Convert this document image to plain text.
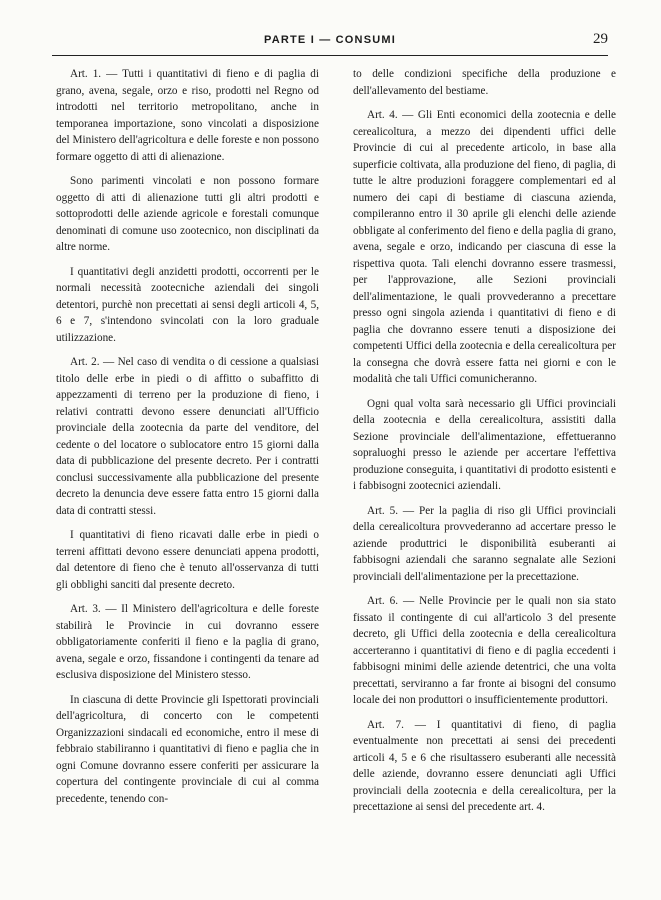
PARTE I — CONSUMI	29

Art. 1. — Tutti i quantitativi di fieno e di paglia di grano, avena, segale, orzo e riso, prodotti nel Regno od introdotti nel territorio metropolitano, anche in temporanea importazione, sono vincolati a disposizione del Ministero dell'agricoltura e delle foreste e non possono formare oggetto di atti di alienazione.

Sono parimenti vincolati e non possono formare oggetto di atti di alienazione tutti gli altri prodotti e sottoprodotti delle aziende agricole e forestali comunque denominati di comune uso zootecnico, non disciplinati da altre norme.

I quantitativi degli anzidetti prodotti, occorrenti per le normali necessità zootecniche aziendali dei singoli detentori, purchè non precettati ai sensi degli articoli 4, 5, 6 e 7, s'intendono svincolati con la loro graduale utilizzazione.

Art. 2. — Nel caso di vendita o di cessione a qualsiasi titolo delle erbe in piedi o di affitto o subaffitto di appezzamenti di terreno per la produzione di fieno, i relativi contratti devono essere denunciati all'Ufficio provinciale della zootecnia da parte del venditore, del cedente o del locatore o sublocatore entro 15 giorni dalla data di pubblicazione del presente decreto. Per i contratti conclusi successivamente alla pubblicazione del presente decreto la denuncia deve essere fatta entro 15 giorni dalla data di contratti stessi.

I quantitativi di fieno ricavati dalle erbe in piedi o terreni affittati devono essere denunciati appena prodotti, dal detentore di fieno che è tenuto all'osservanza di tutti gli obblighi sanciti dal presente decreto.

Art. 3. — Il Ministero dell'agricoltura e delle foreste stabilirà le Provincie in cui dovranno essere obbligatoriamente conferiti il fieno e la paglia di grano, avena, segale e orzo, fissandone i contingenti da tenare ad esclusiva disposizione del Ministero stesso.

In ciascuna di dette Provincie gli Ispettorati provinciali dell'agricoltura, di concerto con le competenti Organizzazioni sindacali ed economiche, entro il mese di febbraio stabiliranno i quantitativi di fieno e paglia che in ogni Comune dovranno essere conferiti per assicurare la copertura del contingente provinciale di cui al comma precedente, tenendo con-

to delle condizioni specifiche della produzione e dell'allevamento del bestiame.

Art. 4. — Gli Enti economici della zootecnia e delle cerealicoltura, a mezzo dei dipendenti uffici delle Provincie di cui al precedente articolo, in base alla superficie coltivata, alla produzione del fieno, di paglia, di tutte le altre produzioni foraggere complementari ed al numero dei capi di bestiame di ciascuna azienda, compileranno entro il 30 aprile gli elenchi delle aziende obbligate al conferimento del fieno e della paglia di grano, avena, segale e orzo, indicando per ciascuna di esse la rispettiva quota. Tali elenchi dovranno essere trasmessi, per l'approvazione, alle Sezioni provinciali dell'alimentazione, le quali provvederanno a precettare presso ogni singola azienda i quantitativi di fieno e di paglia che dovranno essere tenuti a disposizione dei competenti Uffici della zootecnia e della cerealicoltura per la consegna che dovrà essere fatta nei giorni e con le modalità che tali Uffici comunicheranno.

Ogni qual volta sarà necessario gli Uffici provinciali della zootecnia e della cerealicoltura, assistiti dalla Sezione provinciale dell'alimentazione, effettueranno sopraluoghi presso le aziende per accertare l'effettiva produzione conseguita, i quantitativi di prodotto esistenti e i fabbisogni zootecnici aziendali.

Art. 5. — Per la paglia di riso gli Uffici provinciali della cerealicoltura provvederanno ad accertare presso le aziende produttrici le disponibilità esuberanti ai fabbisogni aziendali che saranno segnalate alle Sezioni provinciali dell'alimentazione per la precettazione.

Art. 6. — Nelle Provincie per le quali non sia stato fissato il contingente di cui all'articolo 3 del presente decreto, gli Uffici della zootecnia e della cerealicoltura accerteranno i quantitativi di fieno e di paglia eccedenti i fabbisogni minimi delle aziende detentrici, che una volta precettati, serviranno a far fronte ai bisogni del consumo locale dei non produttori o insufficientemente produttori.

Art. 7. — I quantitativi di fieno, di paglia eventualmente non precettati ai sensi dei precedenti articoli 4, 5 e 6 che risultassero esuberanti alle necessità delle aziende, dovranno essere denunciati agli Uffici provinciali della zootecnia e della cerealicoltura, per la precettazione ai sensi del precedente art. 4.
